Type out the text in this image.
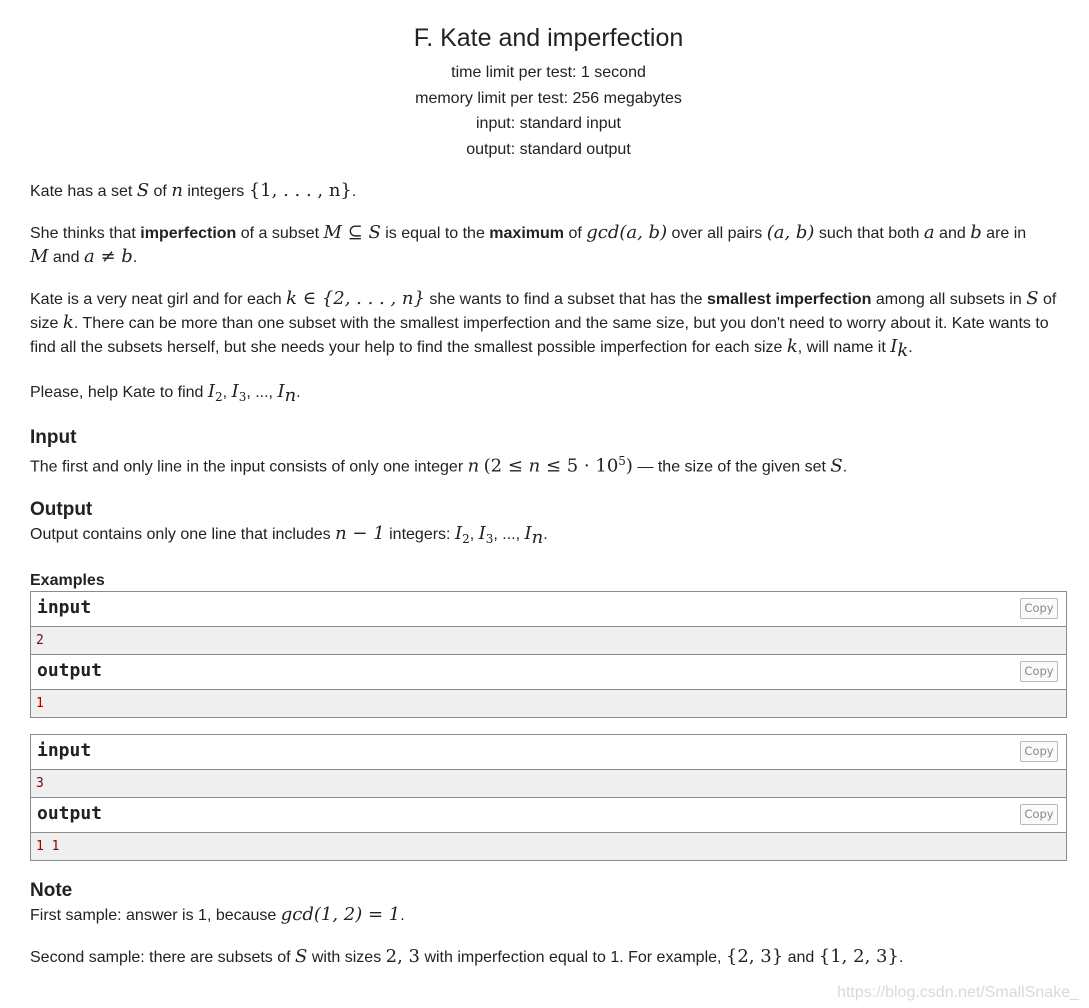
F. Kate and imperfection
time limit per test: 1 second
memory limit per test: 256 megabytes
input: standard input
output: standard output

Kate has a set S of n integers {1, . . . , n}.

She thinks that imperfection of a subset M ⊆ S is equal to the maximum of gcd(a, b) over all pairs (a, b) such that both a and b are in
M and a ≠ b.

Kate is a very neat girl and for each k ∈ {2, . . . , n} she wants to find a subset that has the smallest imperfection among all subsets in S of size k. There can be more than one subset with the smallest imperfection and the same size, but you don't need to worry about it. Kate wants to find all the subsets herself, but she needs your help to find the smallest possible imperfection for each size k, will name it $I_k$.

Please, help Kate to find $I_2$, $I_3$, ..., $I_n$.

Input

The first and only line in the input consists of only one integer n $(2 \le n \le 5 \cdot 10^5)$ — the size of the given set S.

Output

Output contains only one line that includes n − 1 integers: $I_2$, $I_3$, ..., $I_n$.

Examples
input	Copy
2
output	Copy
1
input	Copy
3
output	Copy
1 1
Note

First sample: answer is 1, because gcd(1, 2) = 1.

Second sample: there are subsets of S with sizes 2, 3 with imperfection equal to 1. For example, {2, 3} and {1, 2, 3}.

https://blog.csdn.net/SmallSnake_
